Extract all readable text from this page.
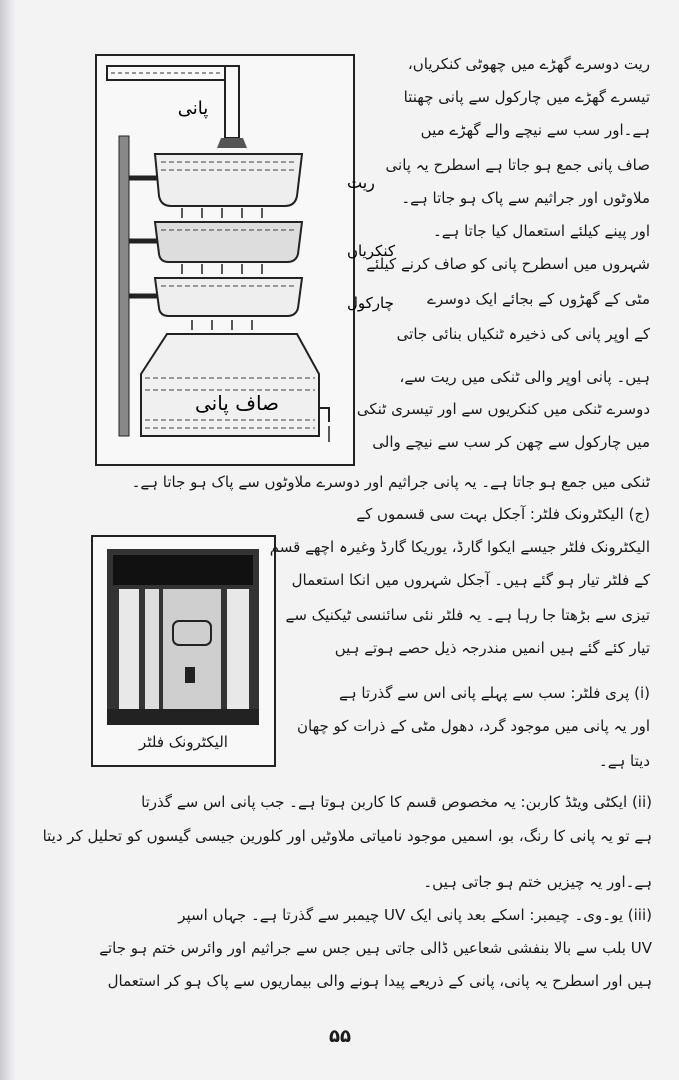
پانی
ریت
کنکریاں
چارکول
صاف پانی
الیکٹرونک فلٹر
ریت دوسرے گھڑے میں چھوٹی کنکریاں،
تیسرے گھڑے میں چارکول سے پانی چھنتا
ہے۔اور سب سے نیچے والے گھڑے میں
صاف پانی جمع ہو جاتا ہے اسطرح یہ پانی
ملاوٹوں اور جراثیم سے پاک ہو جاتا ہے۔
اور پینے کیلئے استعمال کیا جاتا ہے۔
شہروں میں اسطرح پانی کو صاف کرنے کیلئے
مٹی کے گھڑوں کے بجائے ایک دوسرے
کے اوپر پانی کی ذخیرہ ٹنکیاں بنائی جاتی
ہیں۔ پانی اوپر والی ٹنکی میں ریت سے،
دوسرے ٹنکی میں کنکریوں سے اور تیسری ٹنکی
میں چارکول سے چھن کر سب سے نیچے والی
ٹنکی میں جمع ہو جاتا ہے۔ یہ پانی جراثیم اور دوسرے ملاوٹوں سے پاک ہو جاتا ہے۔
(ج) الیکٹرونک فلٹر: آجکل بہت سی قسموں کے
الیکٹرونک فلٹر جیسے ایکوا گارڈ، یوریکا گارڈ وغیرہ اچھے قسم
کے فلٹر تیار ہو گئے ہیں۔ آجکل شہروں میں انکا استعمال
تیزی سے بڑھتا جا رہا ہے۔ یہ فلٹر نئی سائنسی ٹیکنیک سے
تیار کئے گئے ہیں انمیں مندرجہ ذیل حصے ہوتے ہیں
(i) پری فلٹر: سب سے پہلے پانی اس سے گذرتا ہے
اور یہ پانی میں موجود گرد، دھول مٹی کے ذرات کو چھان
دیتا ہے۔
(ii) ایکٹی ویٹڈ کاربن: یہ مخصوص قسم کا کاربن ہوتا ہے۔ جب پانی اس سے گذرتا
ہے تو یہ پانی کا رنگ، بو، اسمیں موجود نامیاتی ملاوٹیں اور کلورین جیسی گیسوں کو تحلیل کر دیتا
ہے۔اور یہ چیزیں ختم ہو جاتی ہیں۔
(iii) یو۔وی۔ چیمبر: اسکے بعد پانی ایک UV چیمبر سے گذرتا ہے۔ جہاں اسپر
UV بلب سے بالا بنفشی شعاعیں ڈالی جاتی ہیں جس سے جراثیم اور وائرس ختم ہو جاتے
ہیں اور اسطرح یہ پانی، پانی کے ذریعے پیدا ہونے والی بیماریوں سے پاک ہو کر استعمال
۵۵
